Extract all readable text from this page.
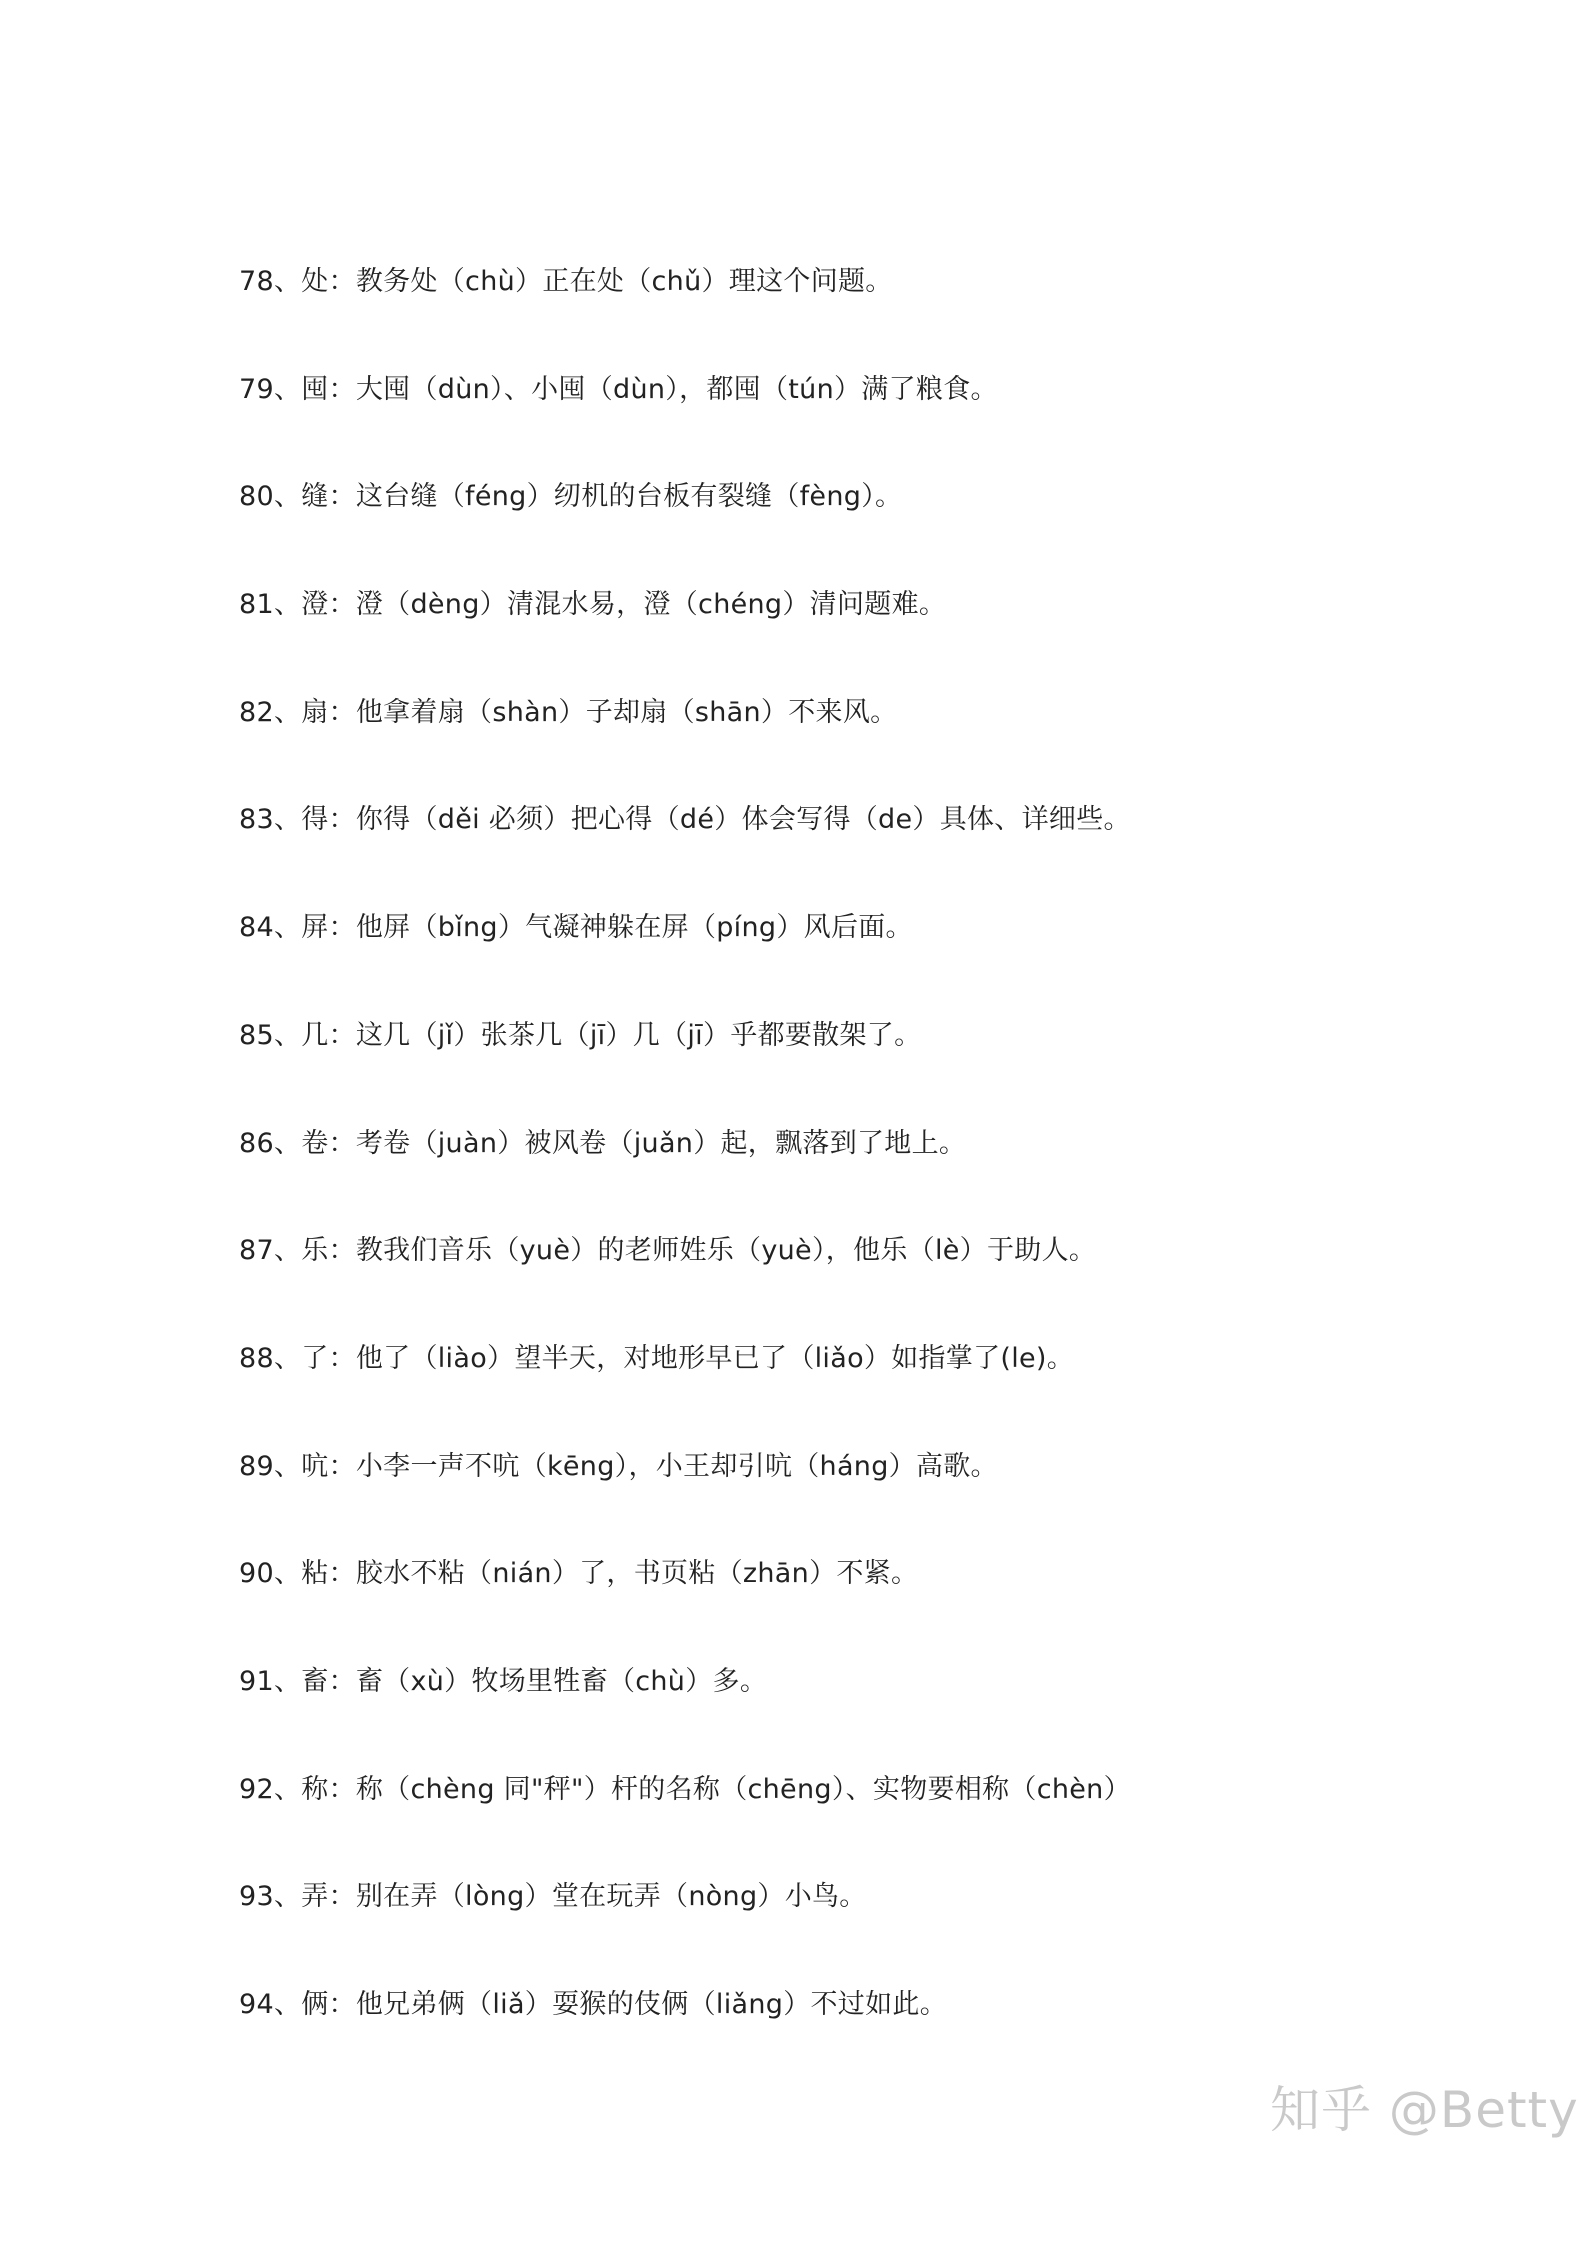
78、处：教务处（chù）正在处（chǔ）理这个问题。
79、囤：大囤（dùn）、小囤（dùn），都囤（tún）满了粮食。
80、缝：这台缝（féng）纫机的台板有裂缝（fèng）。
81、澄：澄（dèng）清混水易，澄（chéng）清问题难。
82、扇：他拿着扇（shàn）子却扇（shān）不来风。
83、得：你得（děi 必须）把心得（dé）体会写得（de）具体、详细些。
84、屏：他屏（bǐng）气凝神躲在屏（píng）风后面。
85、几：这几（jǐ）张茶几（jī）几（jī）乎都要散架了。
86、卷：考卷（juàn）被风卷（juǎn）起，飘落到了地上。
87、乐：教我们音乐（yuè）的老师姓乐（yuè），他乐（lè）于助人。
88、了：他了（liào）望半天，对地形早已了（liǎo）如指掌了(le)。
89、吭：小李一声不吭（kēng），小王却引吭（háng）高歌。
90、粘：胶水不粘（nián）了，书页粘（zhān）不紧。
91、畜：畜（xù）牧场里牲畜（chù）多。
92、称：称（chèng 同"秤"）杆的名称（chēng）、实物要相称（chèn）
93、弄：别在弄（lòng）堂在玩弄（nòng）小鸟。
94、俩：他兄弟俩（liǎ）耍猴的伎俩（liǎng）不过如此。
知乎 @Betty
